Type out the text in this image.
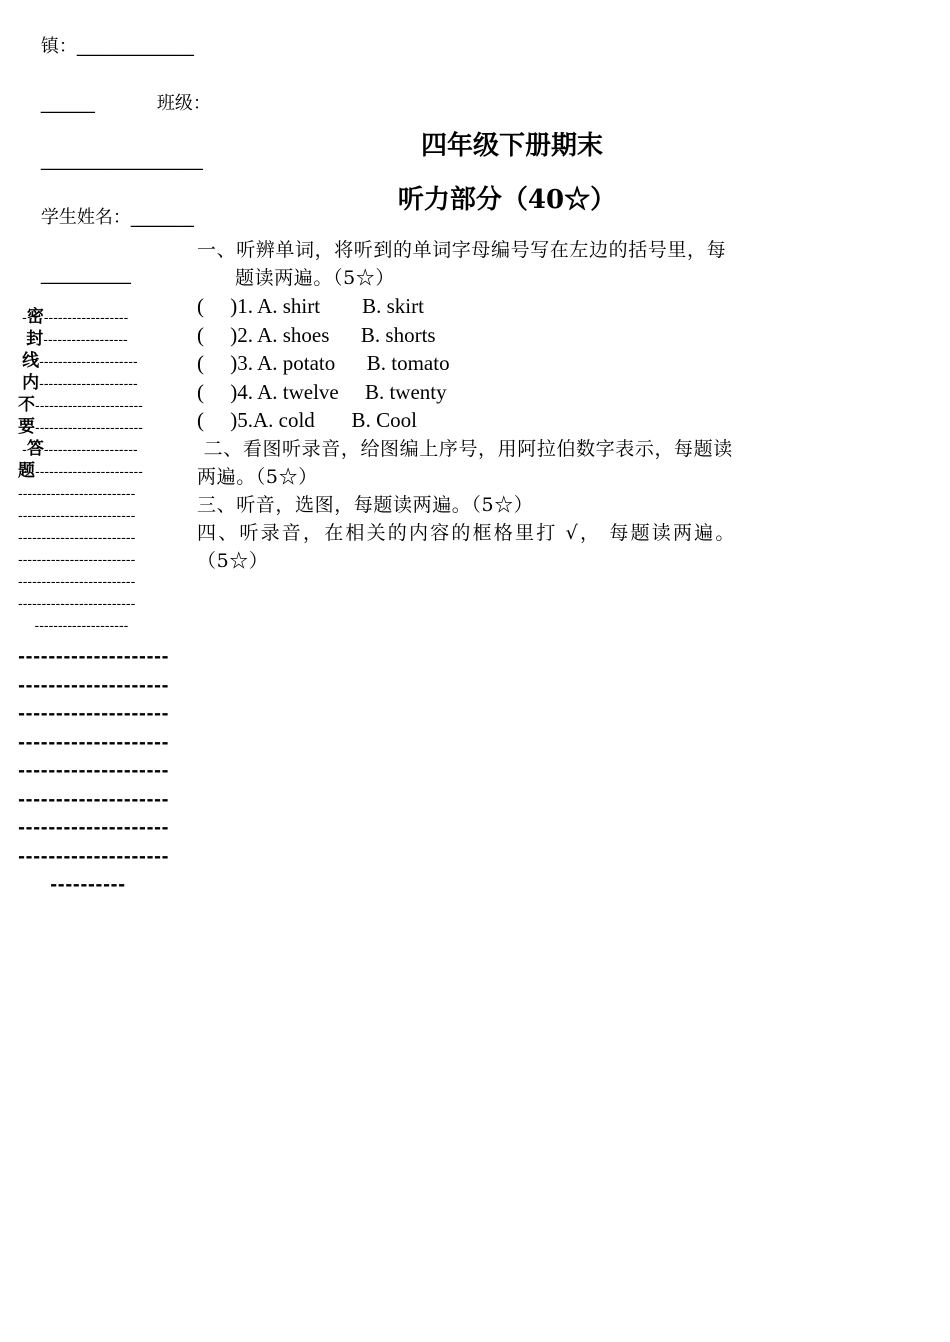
镇：_____________

______	班级：

__________________

学生姓名：_______

__________

-密------------------
封------------------
线---------------------
内---------------------
不-----------------------
要-----------------------
-答--------------------
题-----------------------
-------------------------
-------------------------
-------------------------
-------------------------
-------------------------
-------------------------
--------------------
--------------------
--------------------
--------------------
--------------------
--------------------
--------------------
--------------------
--------------------
----------
四年级下册期末
听力部分（40☆）
一、听辨单词，将听到的单词字母编号写在左边的括号里，每
题读两遍。（5☆）
(     )1. A. shirt        B. skirt
(     )2. A. shoes      B. shorts
(     )3. A. potato      B. tomato
(     )4. A. twelve     B. twenty
(     )5.A. cold       B. Cool
二、看图听录音，给图编上序号，用阿拉伯数字表示，每题读
两遍。（5☆）
三、听音，选图，每题读两遍。（5☆）
四、听录音，在相关的内容的框格里打 √， 每题读两遍。
（5☆）
